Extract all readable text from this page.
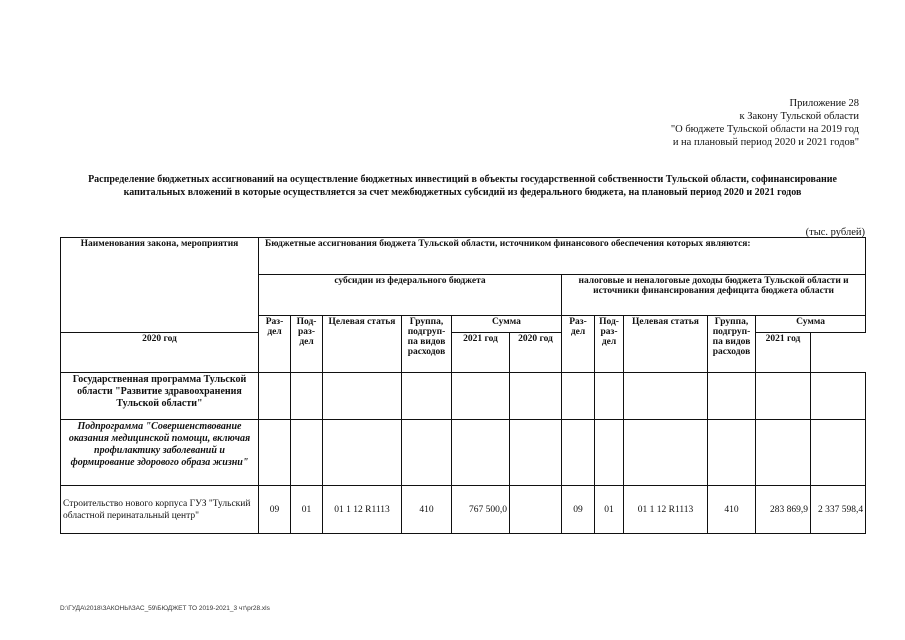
Приложение 28
к Закону Тульской области
"О бюджете Тульской области на 2019 год
и на плановый период 2020 и 2021 годов"
Распределение бюджетных ассигнований на осуществление бюджетных инвестиций в объекты государственной собственности Тульской области, софинансирование капитальных вложений в которые осуществляется за счет межбюджетных субсидий из федерального бюджета, на плановый период 2020 и 2021 годов
(тыс. рублей)
Наименования закона, мероприятия	Бюджетные ассигнования бюджета Тульской области, источником финансового обеспечения которых являются:											
	субсидии из федерального бюджета						налоговые и неналоговые доходы бюджета Тульской области и источники финансирования дефицита бюджета области					
	Раз- дел	Под- раз- дел	Целевая статья	Группа, подгруп- па видов расходов	Сумма		Раз- дел	Под- раз- дел	Целевая статья	Группа, подгруп- па видов расходов	Сумма	
2020 год					2021 год	2020 год					2021 год	
Государственная программа Тульской области "Развитие здравоохранения Тульской области"												
Подпрограмма "Совершенствование оказания медицинской помощи, включая профилактику заболеваний и формирование здорового образа жизни"												
Строительство нового корпуса ГУЗ "Тульский областной перинатальный центр"	09	01	01 1 12 R1113	410	767 500,0		09	01	01 1 12 R1113	410	283 869,9	2 337 598,4
D:\ГУДА\2018\ЗАКОНЫ\ЗАС_59\БЮДЖЕТ ТО 2019-2021_3 чт\pr28.xls
